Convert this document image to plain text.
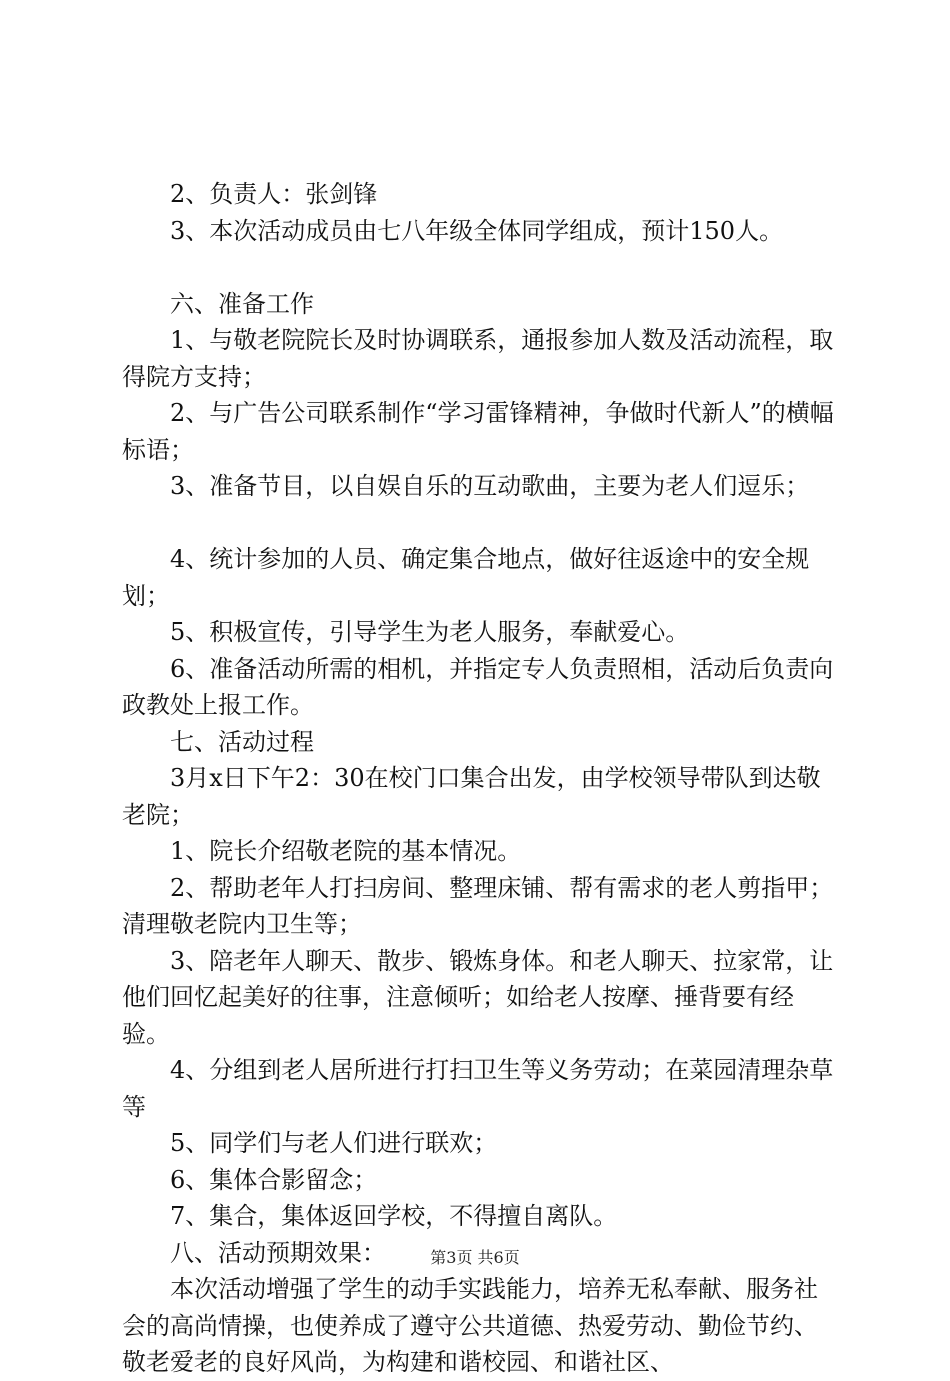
2、负责人：张剑锋

3、本次活动成员由七八年级全体同学组成，预计150人。

六、准备工作

1、与敬老院院长及时协调联系，通报参加人数及活动流程，取得院方支持；

2、与广告公司联系制作“学习雷锋精神，争做时代新人”的横幅标语；

3、准备节目，以自娱自乐的互动歌曲，主要为老人们逗乐；

4、统计参加的人员、确定集合地点，做好往返途中的安全规划；

5、积极宣传，引导学生为老人服务，奉献爱心。

6、准备活动所需的相机，并指定专人负责照相，活动后负责向政教处上报工作。

七、活动过程

3月x日下午2：30在校门口集合出发，由学校领导带队到达敬老院；

1、院长介绍敬老院的基本情况。

2、帮助老年人打扫房间、整理床铺、帮有需求的老人剪指甲；清理敬老院内卫生等；

3、陪老年人聊天、散步、锻炼身体。和老人聊天、拉家常，让他们回忆起美好的往事，注意倾听；如给老人按摩、捶背要有经验。

4、分组到老人居所进行打扫卫生等义务劳动；在菜园清理杂草等

5、同学们与老人们进行联欢；

6、集体合影留念；

7、集合，集体返回学校，不得擅自离队。

八、活动预期效果：

本次活动增强了学生的动手实践能力，培养无私奉献、服务社会的高尚情操，也使养成了遵守公共道德、热爱劳动、勤俭节约、敬老爱老的良好风尚，为构建和谐校园、和谐社区、

第3页 共6页
